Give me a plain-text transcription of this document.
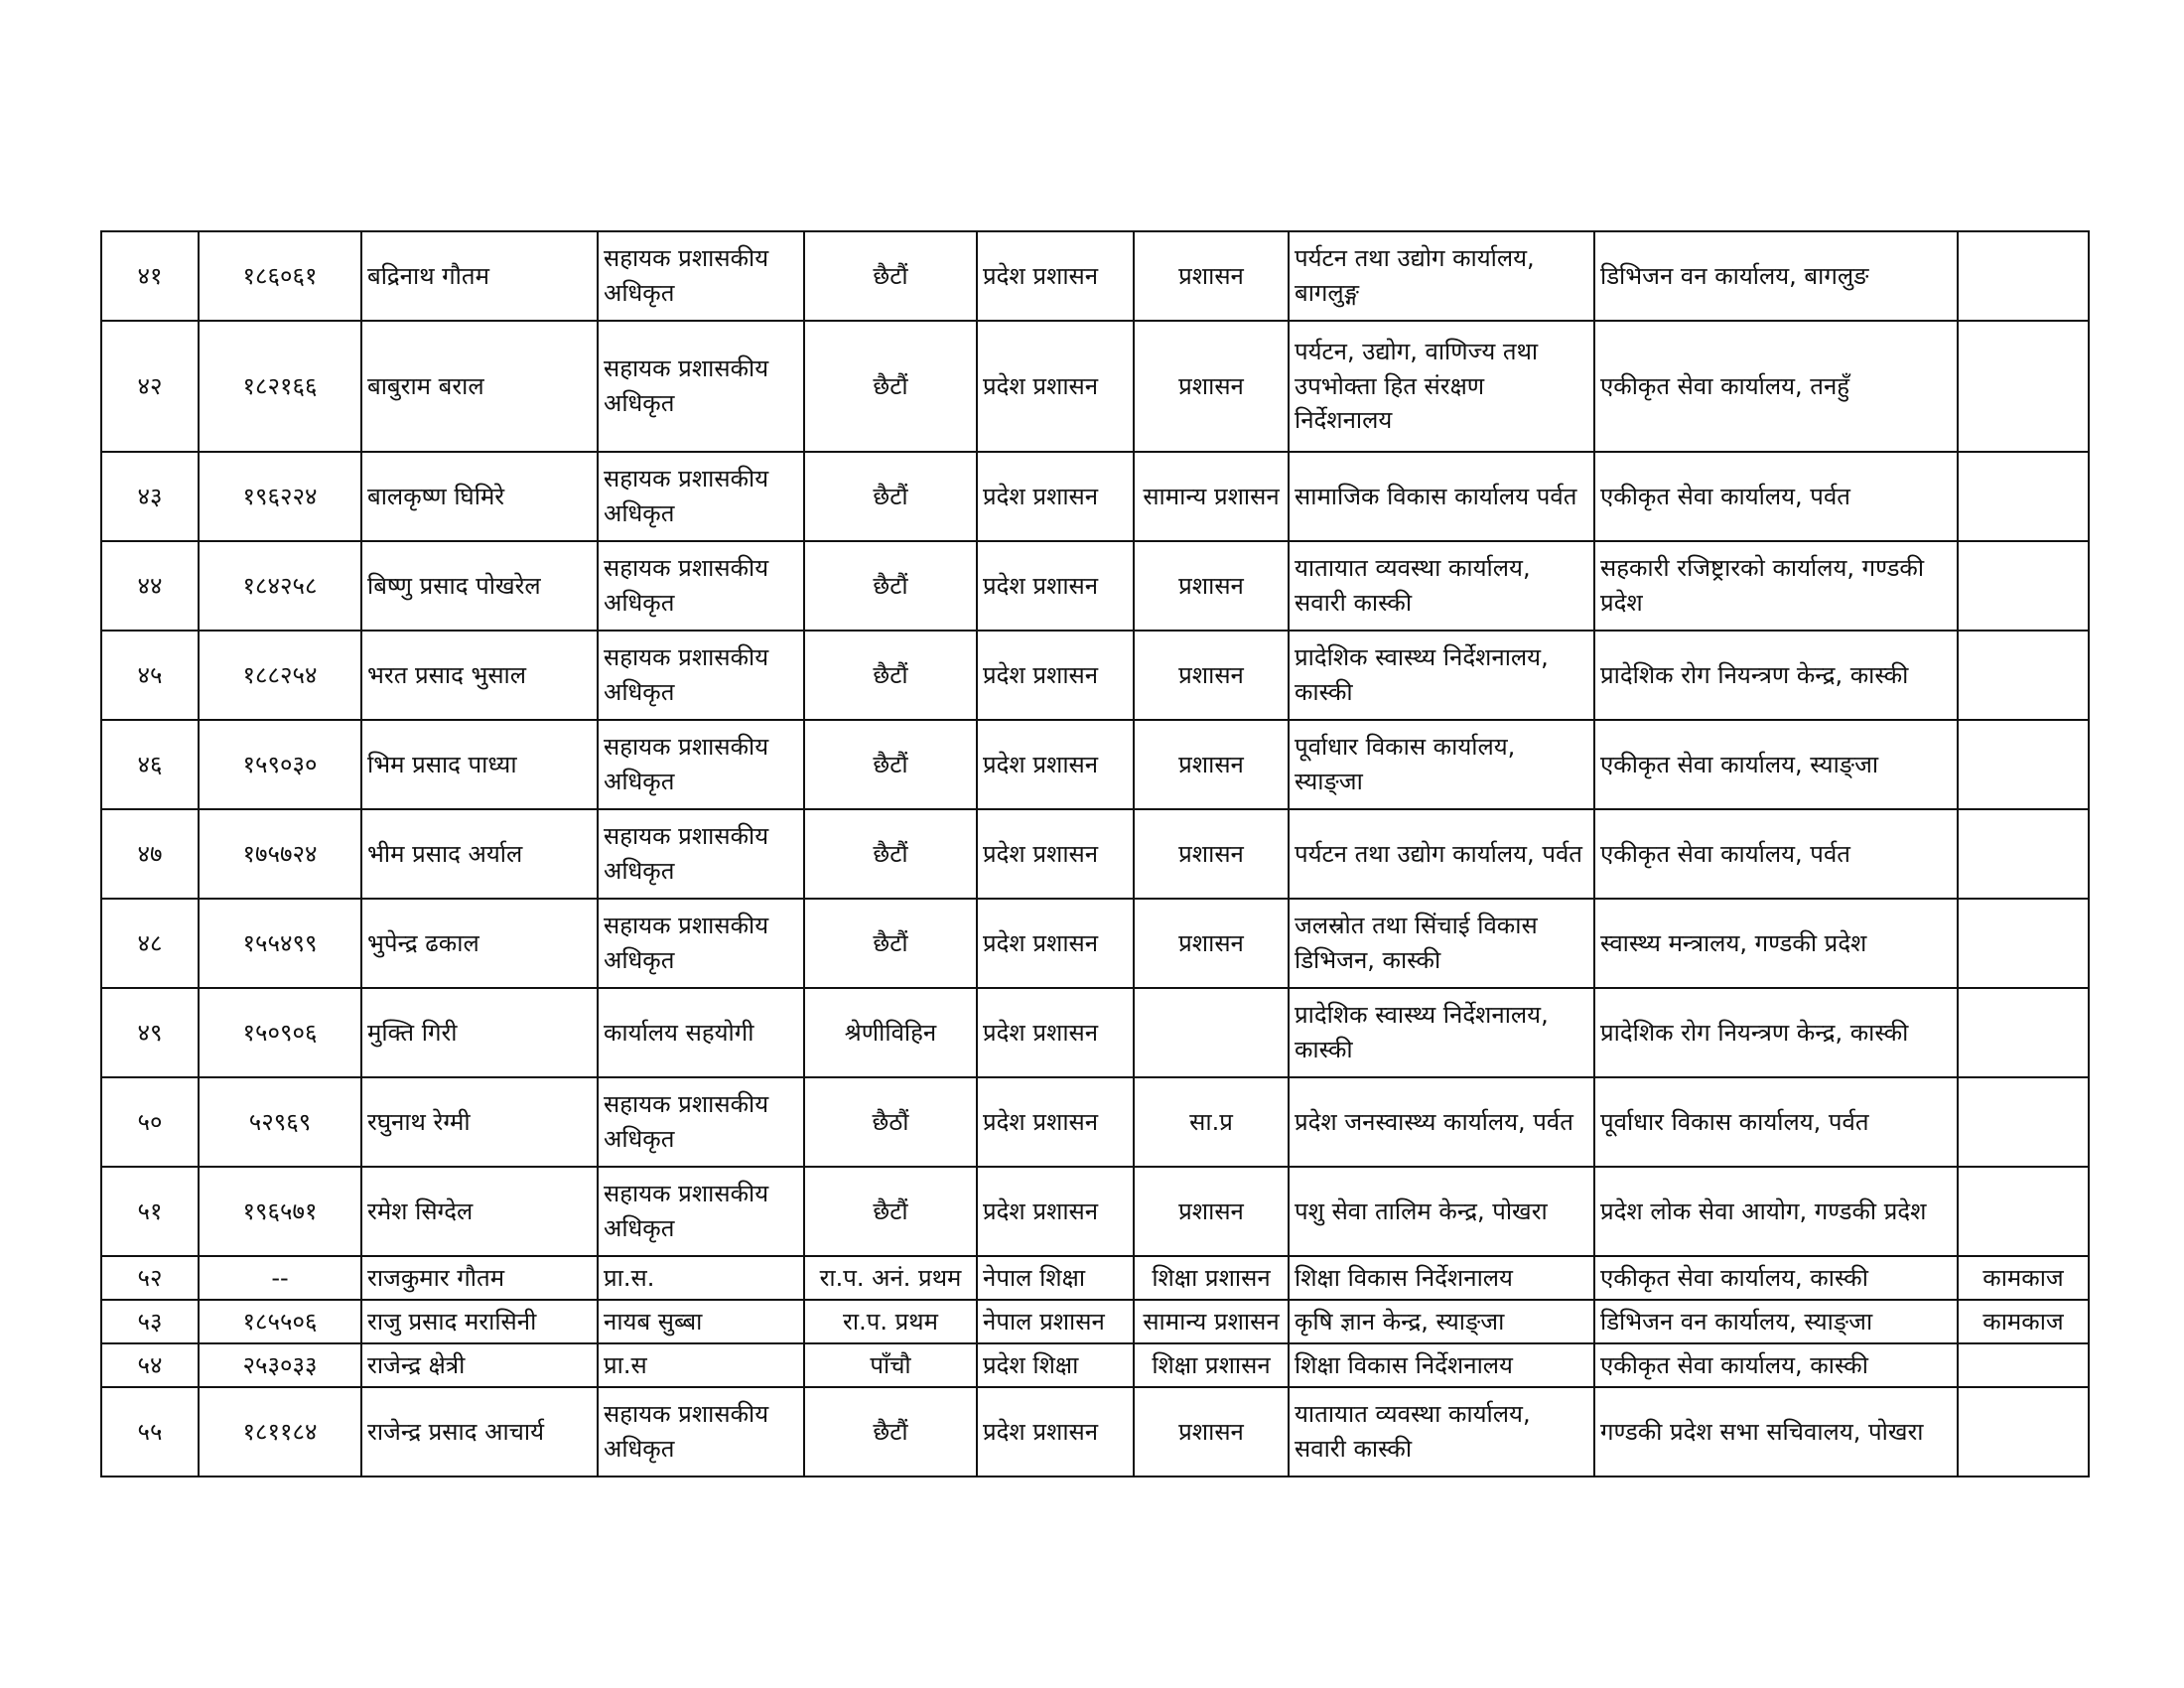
४१	१८६०६१	बद्रिनाथ गौतम	सहायक प्रशासकीय अधिकृत	छैटौं	प्रदेश प्रशासन	प्रशासन	पर्यटन तथा उद्योग कार्यालय, बागलुङ्ग	डिभिजन वन कार्यालय, बागलुङ	
४२	१८२१६६	बाबुराम बराल	सहायक प्रशासकीय अधिकृत	छैटौं	प्रदेश प्रशासन	प्रशासन	पर्यटन, उद्योग, वाणिज्य तथा उपभोक्ता हित संरक्षण निर्देशनालय	एकीकृत सेवा कार्यालय, तनहुँ	
४३	१९६२२४	बालकृष्ण घिमिरे	सहायक प्रशासकीय अधिकृत	छैटौं	प्रदेश प्रशासन	सामान्य प्रशासन	सामाजिक विकास कार्यालय पर्वत	एकीकृत सेवा कार्यालय, पर्वत	
४४	१८४२५८	बिष्णु प्रसाद पोखरेल	सहायक प्रशासकीय अधिकृत	छैटौं	प्रदेश प्रशासन	प्रशासन	यातायात व्यवस्था कार्यालय, सवारी कास्की	सहकारी रजिष्ट्रारको कार्यालय, गण्डकी प्रदेश	
४५	१८८२५४	भरत प्रसाद भुसाल	सहायक प्रशासकीय अधिकृत	छैटौं	प्रदेश प्रशासन	प्रशासन	प्रादेशिक स्वास्थ्य निर्देशनालय, कास्की	प्रादेशिक रोग नियन्त्रण केन्द्र, कास्की	
४६	१५९०३०	भिम प्रसाद पाध्या	सहायक प्रशासकीय अधिकृत	छैटौं	प्रदेश प्रशासन	प्रशासन	पूर्वाधार विकास कार्यालय, स्याङ्जा	एकीकृत सेवा कार्यालय, स्याङ्जा	
४७	१७५७२४	भीम प्रसाद अर्याल	सहायक प्रशासकीय अधिकृत	छैटौं	प्रदेश प्रशासन	प्रशासन	पर्यटन तथा उद्योग कार्यालय, पर्वत	एकीकृत सेवा कार्यालय, पर्वत	
४८	१५५४९९	भुपेन्द्र ढकाल	सहायक प्रशासकीय अधिकृत	छैटौं	प्रदेश प्रशासन	प्रशासन	जलस्रोत तथा सिंचाई विकास डिभिजन, कास्की	स्वास्थ्य मन्त्रालय, गण्डकी प्रदेश	
४९	१५०९०६	मुक्ति गिरी	कार्यालय सहयोगी	श्रेणीविहिन	प्रदेश प्रशासन		प्रादेशिक स्वास्थ्य निर्देशनालय, कास्की	प्रादेशिक रोग नियन्त्रण केन्द्र, कास्की	
५०	५२९६९	रघुनाथ रेग्मी	सहायक प्रशासकीय अधिकृत	छैठौं	प्रदेश प्रशासन	सा.प्र	प्रदेश जनस्वास्थ्य कार्यालय, पर्वत	पूर्वाधार विकास कार्यालय, पर्वत	
५१	१९६५७१	रमेश सिग्देल	सहायक प्रशासकीय अधिकृत	छैटौं	प्रदेश प्रशासन	प्रशासन	पशु सेवा तालिम केन्द्र, पोखरा	प्रदेश लोक सेवा आयोग, गण्डकी प्रदेश	
५२	--	राजकुमार गौतम	प्रा.स.	रा.प. अनं. प्रथम	नेपाल शिक्षा	शिक्षा प्रशासन	शिक्षा विकास निर्देशनालय	एकीकृत सेवा कार्यालय, कास्की	कामकाज
५३	१८५५०६	राजु प्रसाद मरासिनी	नायब सुब्बा	रा.प. प्रथम	नेपाल प्रशासन	सामान्य प्रशासन	कृषि ज्ञान केन्द्र, स्याङ्जा	डिभिजन वन कार्यालय, स्याङ्जा	कामकाज
५४	२५३०३३	राजेन्द्र क्षेत्री	प्रा.स	पाँचौ	प्रदेश शिक्षा	शिक्षा प्रशासन	शिक्षा विकास निर्देशनालय	एकीकृत सेवा कार्यालय, कास्की	
५५	१८११८४	राजेन्द्र प्रसाद आचार्य	सहायक प्रशासकीय अधिकृत	छैटौं	प्रदेश प्रशासन	प्रशासन	यातायात व्यवस्था कार्यालय, सवारी कास्की	गण्डकी प्रदेश सभा सचिवालय, पोखरा	
